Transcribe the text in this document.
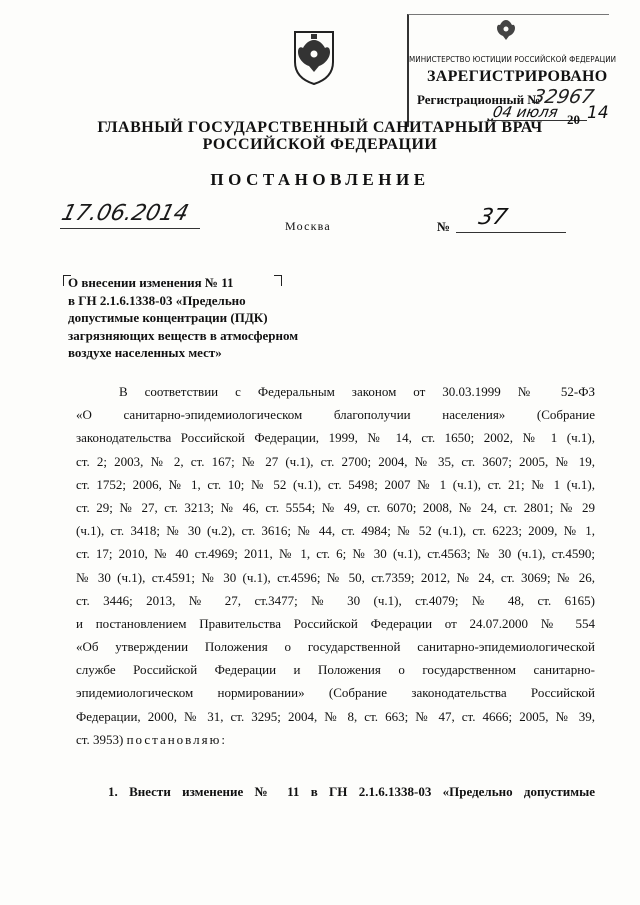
МИНИСТЕРСТВО ЮСТИЦИИ РОССИЙСКОЙ ФЕДЕРАЦИИ
ЗАРЕГИСТРИРОВАНО
Регистрационный №
32967
04 июля 20 14
ГЛАВНЫЙ ГОСУДАРСТВЕННЫЙ САНИТАРНЫЙ ВРАЧ
РОССИЙСКОЙ ФЕДЕРАЦИИ
ПОСТАНОВЛЕНИЕ
17.06.2014	Москва	№ 37
О внесении изменения № 11
в ГН 2.1.6.1338-03 «Предельно
допустимые концентрации (ПДК)
загрязняющих веществ в атмосферном
воздухе населенных мест»
В соответствии с Федеральным законом от 30.03.1999 № 52-ФЗ
«О санитарно-эпидемиологическом благополучии населения» (Собрание
законодательства Российской Федерации, 1999, № 14, ст. 1650; 2002, № 1 (ч.1),
ст. 2; 2003, № 2, ст. 167; № 27 (ч.1), ст. 2700; 2004, № 35, ст. 3607; 2005, № 19,
ст. 1752; 2006, № 1, ст. 10; № 52 (ч.1), ст. 5498; 2007 № 1 (ч.1), ст. 21; № 1 (ч.1),
ст. 29; № 27, ст. 3213; № 46, ст. 5554; № 49, ст. 6070; 2008, № 24, ст. 2801; № 29
(ч.1), ст. 3418; № 30 (ч.2), ст. 3616; № 44, ст. 4984; № 52 (ч.1), ст. 6223; 2009, № 1,
ст. 17; 2010, № 40 ст.4969; 2011, № 1, ст. 6; № 30 (ч.1), ст.4563; № 30 (ч.1), ст.4590;
№ 30 (ч.1), ст.4591; № 30 (ч.1), ст.4596; № 50, ст.7359; 2012, № 24, ст. 3069; № 26,
ст. 3446; 2013, № 27, ст.3477; № 30 (ч.1), ст.4079; № 48, ст. 6165)
и постановлением Правительства Российской Федерации от 24.07.2000 № 554
«Об утверждении Положения о государственной санитарно-эпидемиологической
службе Российской Федерации и Положения о государственном санитарно-
эпидемиологическом нормировании» (Собрание законодательства Российской
Федерации, 2000, № 31, ст. 3295; 2004, № 8, ст. 663; № 47, ст. 4666; 2005, № 39,
ст. 3953) постановляю:
1. Внести изменение № 11 в ГН 2.1.6.1338-03 «Предельно допустимые
